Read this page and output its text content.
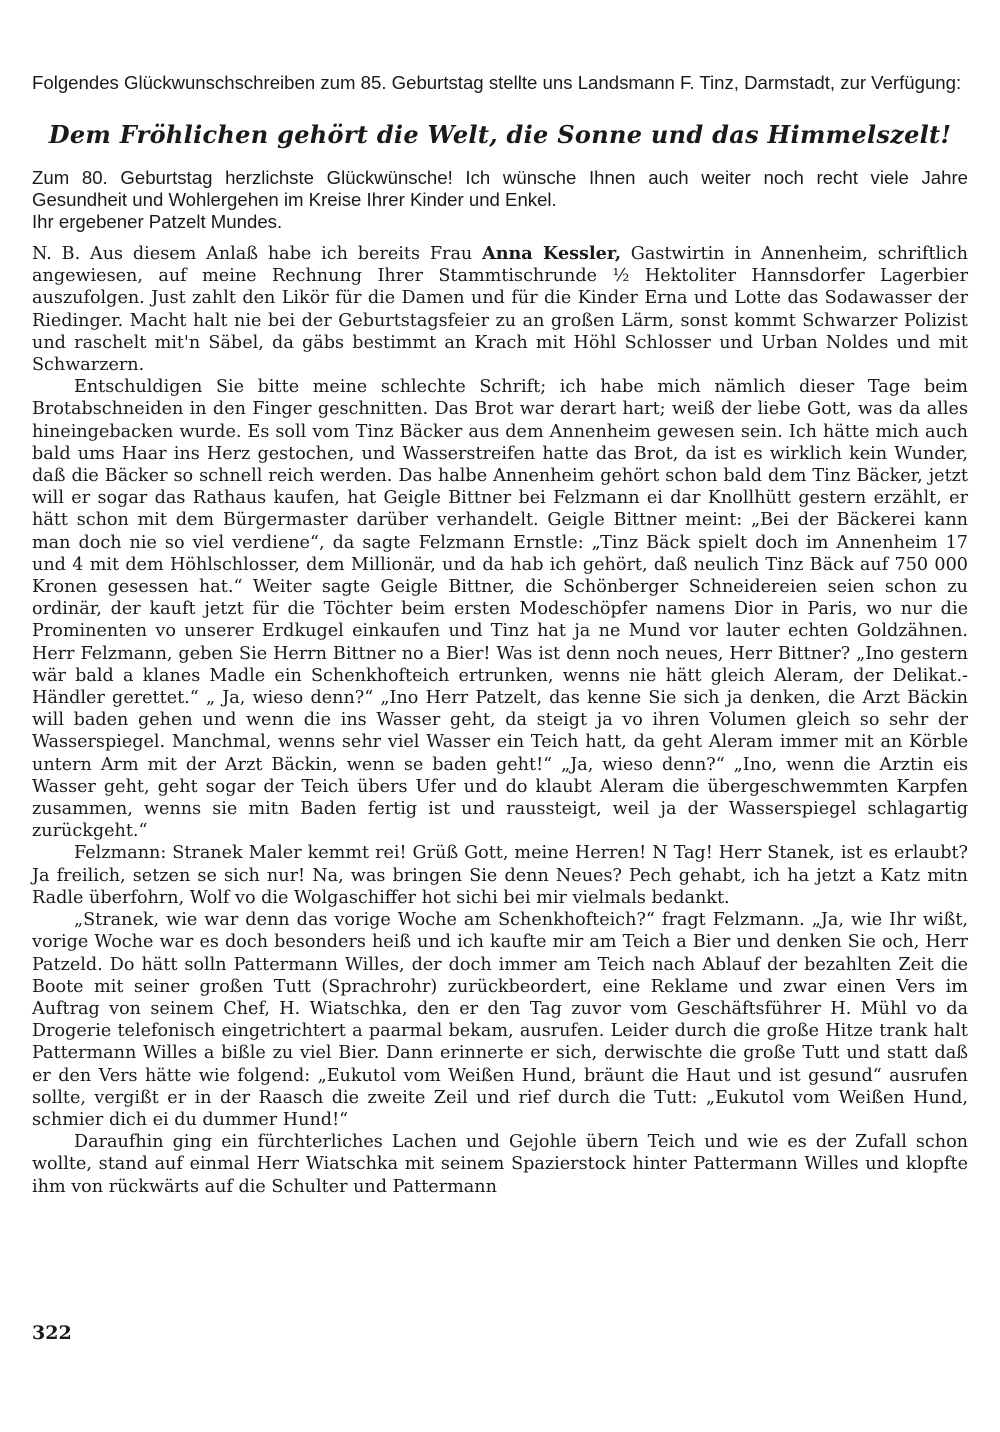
Folgendes Glückwunschschreiben zum 85. Geburtstag stellte uns Landsmann F. Tinz, Darmstadt, zur Verfügung:

Dem Fröhlichen gehört die Welt, die Sonne und das Himmelszelt!

Zum 80. Geburtstag herzlichste Glückwünsche! Ich wünsche Ihnen auch weiter noch recht viele Jahre Gesundheit und Wohlergehen im Kreise Ihrer Kinder und Enkel.

Ihr ergebener Patzelt Mundes.

N. B. Aus diesem Anlaß habe ich bereits Frau Anna Kessler, Gastwirtin in Annenheim, schriftlich angewiesen, auf meine Rechnung Ihrer Stammtischrunde ½ Hektoliter Hannsdorfer Lagerbier auszufolgen. Just zahlt den Likör für die Damen und für die Kinder Erna und Lotte das Sodawasser der Riedinger. Macht halt nie bei der Geburtstagsfeier zu an großen Lärm, sonst kommt Schwarzer Polizist und raschelt mit'n Säbel, da gäbs bestimmt an Krach mit Höhl Schlosser und Urban Noldes und mit Schwarzern.

Entschuldigen Sie bitte meine schlechte Schrift; ich habe mich nämlich dieser Tage beim Brotabschneiden in den Finger geschnitten. Das Brot war derart hart; weiß der liebe Gott, was da alles hineingebacken wurde. Es soll vom Tinz Bäcker aus dem Annenheim gewesen sein. Ich hätte mich auch bald ums Haar ins Herz gestochen, und Wasserstreifen hatte das Brot, da ist es wirklich kein Wunder, daß die Bäcker so schnell reich werden. Das halbe Annenheim gehört schon bald dem Tinz Bäcker, jetzt will er sogar das Rathaus kaufen, hat Geigle Bittner bei Felzmann ei dar Knollhütt gestern erzählt, er hätt schon mit dem Bürgermaster darüber verhandelt. Geigle Bittner meint: „Bei der Bäckerei kann man doch nie so viel verdiene“, da sagte Felzmann Ernstle: „Tinz Bäck spielt doch im Annenheim 17 und 4 mit dem Höhlschlosser, dem Millionär, und da hab ich gehört, daß neulich Tinz Bäck auf 750 000 Kronen gesessen hat.“ Weiter sagte Geigle Bittner, die Schönberger Schneidereien seien schon zu ordinär, der kauft jetzt für die Töchter beim ersten Modeschöpfer namens Dior in Paris, wo nur die Prominenten vo unserer Erdkugel einkaufen und Tinz hat ja ne Mund vor lauter echten Goldzähnen. Herr Felzmann, geben Sie Herrn Bittner no a Bier! Was ist denn noch neues, Herr Bittner? „Ino gestern wär bald a klanes Madle ein Schenkhofteich ertrunken, wenns nie hätt gleich Aleram, der Delikat.-Händler gerettet.“ „ Ja, wieso denn?“ „Ino Herr Patzelt, das kenne Sie sich ja denken, die Arzt Bäckin will baden gehen und wenn die ins Wasser geht, da steigt ja vo ihren Volumen gleich so sehr der Wasserspiegel. Manchmal, wenns sehr viel Wasser ein Teich hatt, da geht Aleram immer mit an Körble untern Arm mit der Arzt Bäckin, wenn se baden geht!“ „Ja, wieso denn?“ „Ino, wenn die Arztin eis Wasser geht, geht sogar der Teich übers Ufer und do klaubt Aleram die übergeschwemmten Karpfen zusammen, wenns sie mitn Baden fertig ist und raussteigt, weil ja der Wasserspiegel schlagartig zurückgeht.“

Felzmann: Stranek Maler kemmt rei! Grüß Gott, meine Herren! N Tag! Herr Stanek, ist es erlaubt? Ja freilich, setzen se sich nur! Na, was bringen Sie denn Neues? Pech gehabt, ich ha jetzt a Katz mitn Radle überfohrn, Wolf vo die Wolgaschiffer hot sichi bei mir vielmals bedankt.

„Stranek, wie war denn das vorige Woche am Schenkhofteich?“ fragt Felzmann. „Ja, wie Ihr wißt, vorige Woche war es doch besonders heiß und ich kaufte mir am Teich a Bier und denken Sie och, Herr Patzeld. Do hätt solln Pattermann Willes, der doch immer am Teich nach Ablauf der bezahlten Zeit die Boote mit seiner großen Tutt (Sprachrohr) zurückbeordert, eine Reklame und zwar einen Vers im Auftrag von seinem Chef, H. Wiatschka, den er den Tag zuvor vom Geschäftsführer H. Mühl vo da Drogerie telefonisch eingetrichtert a paarmal bekam, ausrufen. Leider durch die große Hitze trank halt Pattermann Willes a bißle zu viel Bier. Dann erinnerte er sich, derwischte die große Tutt und statt daß er den Vers hätte wie folgend: „Eukutol vom Weißen Hund, bräunt die Haut und ist gesund“ ausrufen sollte, vergißt er in der Raasch die zweite Zeil und rief durch die Tutt: „Eukutol vom Weißen Hund, schmier dich ei du dummer Hund!“

Daraufhin ging ein fürchterliches Lachen und Gejohle übern Teich und wie es der Zufall schon wollte, stand auf einmal Herr Wiatschka mit seinem Spazierstock hinter Pattermann Willes und klopfte ihm von rückwärts auf die Schulter und Pattermann

322
